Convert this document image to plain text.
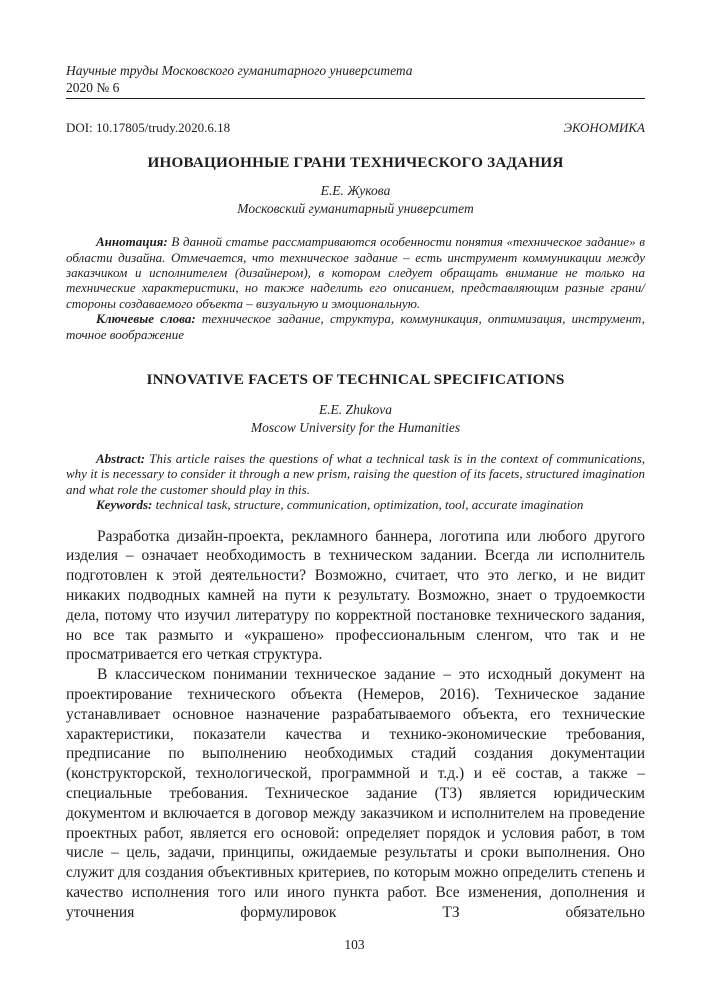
Научные труды Московского гуманитарного университета
2020 № 6
DOI: 10.17805/trudy.2020.6.18	ЭКОНОМИКА
ИНОВАЦИОННЫЕ ГРАНИ ТЕХНИЧЕСКОГО ЗАДАНИЯ
Е.Е. Жукова
Московский гуманитарный университет

Аннотация: В данной статье рассматриваются особенности понятия «техническое задание» в области дизайна. Отмечается, что техническое задание – есть инструмент коммуникации между заказчиком и исполнителем (дизайнером), в котором следует обращать внимание не только на технические характеристики, но также наделить его описанием, представляющим разные грани/стороны создаваемого объекта – визуальную и эмоциональную.

Ключевые слова: техническое задание, структура, коммуникация, оптимизация, инструмент, точное воображение

INNOVATIVE FACETS OF TECHNICAL SPECIFICATIONS
E.E. Zhukova
Moscow University for the Humanities

Abstract: This article raises the questions of what a technical task is in the context of communications, why it is necessary to consider it through a new prism, raising the question of its facets, structured imagination and what role the customer should play in this.

Keywords: technical task, structure, communication, optimization, tool, accurate imagination

Разработка дизайн-проекта, рекламного баннера, логотипа или любого другого изделия – означает необходимость в техническом задании. Всегда ли исполнитель подготовлен к этой деятельности? Возможно, считает, что это легко, и не видит никаких подводных камней на пути к результату. Возможно, знает о трудоемкости дела, потому что изучил литературу по корректной постановке технического задания, но все так размыто и «украшено» профессиональным сленгом, что так и не просматривается его четкая структура.

В классическом понимании техническое задание – это исходный документ на проектирование технического объекта (Немеров, 2016). Техническое задание устанавливает основное назначение разрабатываемого объекта, его технические характеристики, показатели качества и технико-экономические требования, предписание по выполнению необходимых стадий создания документации (конструкторской, технологической, программной и т.д.) и её состав, а также – специальные требования. Техническое задание (ТЗ) является юридическим документом и включается в договор между заказчиком и исполнителем на проведение проектных работ, является его основой: определяет порядок и условия работ, в том числе – цель, задачи, принципы, ожидаемые результаты и сроки выполнения. Оно служит для создания объективных критериев, по которым можно определить степень и качество исполнения того или иного пункта работ. Все изменения, дополнения и уточнения формулировок ТЗ обязательно

103
